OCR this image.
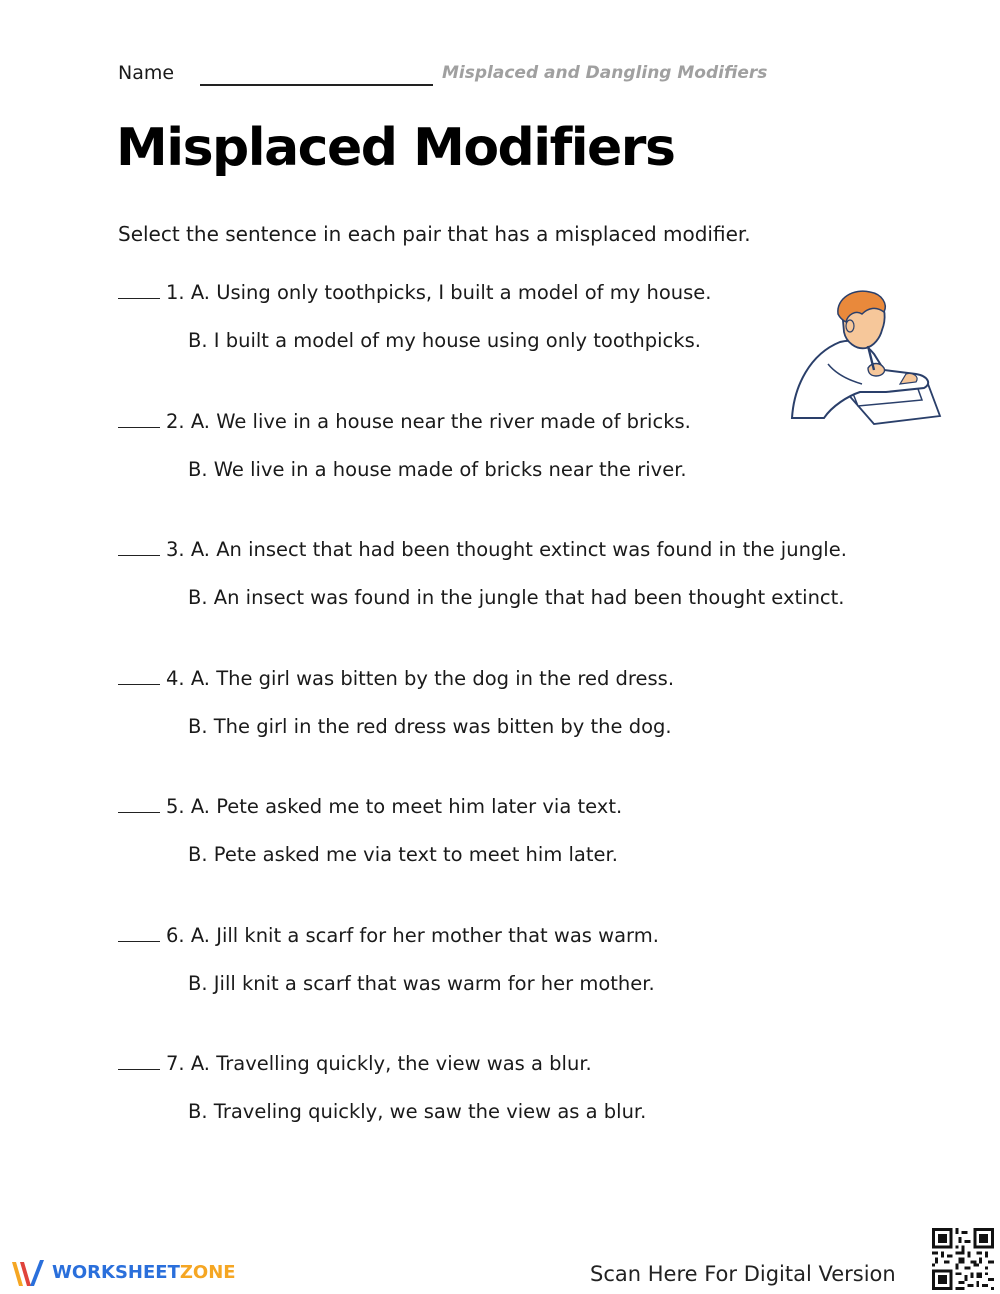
Name	Misplaced and Dangling Modifiers
Misplaced Modifiers
Select the sentence in each pair that has a misplaced modifier.
1. A. Using only toothpicks, I built a model of my house.
B. I built a model of my house using only toothpicks.
2. A. We live in a house near the river made of bricks.
B. We live in a house made of bricks near the river.
3. A. An insect that had been thought extinct was found in the jungle.
B. An insect was found in the jungle that had been thought extinct.
4. A. The girl was bitten by the dog in the red dress.
B. The girl in the red dress was bitten by the dog.
5. A. Pete asked me to meet him later via text.
B. Pete asked me via text to meet him later.
6. A. Jill knit a scarf for her mother that was warm.
B. Jill knit a scarf that was warm for her mother.
7. A. Travelling quickly, the view was a blur.
B. Traveling quickly, we saw the view as a blur.
WORKSHEETZONE	Scan Here For Digital Version
